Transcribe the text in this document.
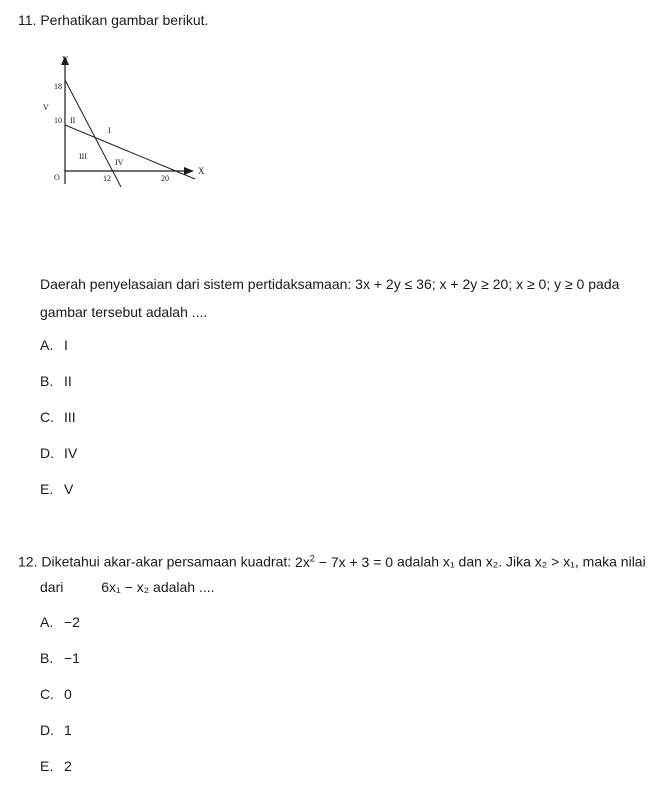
11. Perhatikan gambar berikut.
Y
X
O
18
10
12	20
I
II
III
IV
V
Daerah penyelasaian dari sistem pertidaksamaan: 3x + 2y ≤ 36; x + 2y ≥ 20; x ≥ 0; y ≥ 0 pada
gambar tersebut adalah ....
A. I
B. II
C. III
D. IV
E. V
12. Diketahui akar-akar persamaan kuadrat: $2x^2 - 7x + 3 = 0$ adalah x₁ dan x₂. Jika x₂ > x₁, maka nilai
dari	6x₁ − x₂ adalah ....
A. −2
B. −1
C. 0
D. 1
E. 2
